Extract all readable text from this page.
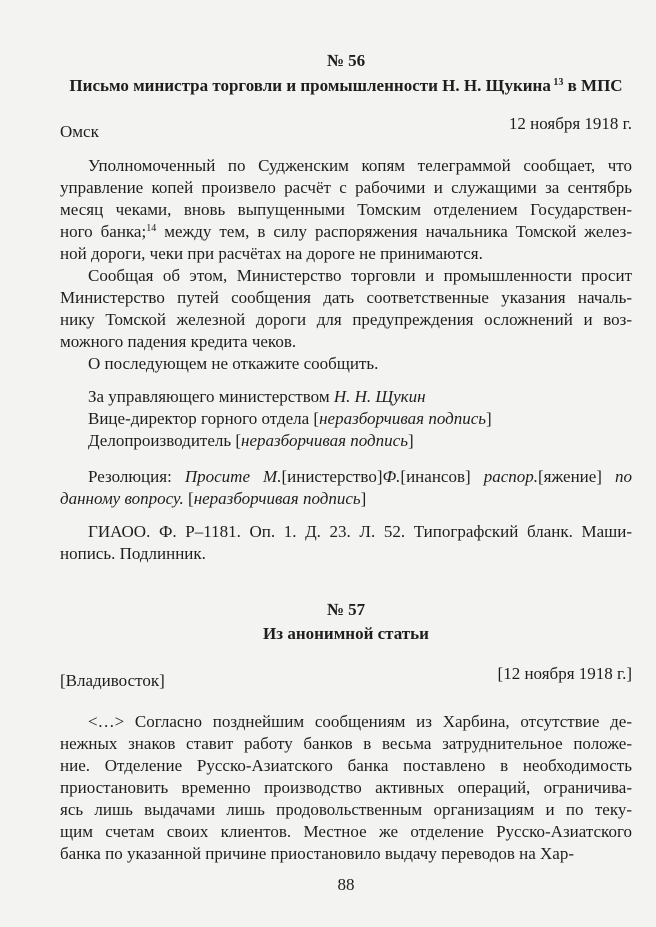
№ 56
Письмо министра торговли и промышленности Н. Н. Щукина $^{13}$ в МПС
Омск	12 ноября 1918 г.
Уполномоченный по Судженским копям телеграммой сообщает, что
управление копей произвело расчёт с рабочими и служащими за сентябрь
месяц чеками, вновь выпущенными Томским отделением Государствен-
ного банка;$^{14}$ между тем, в силу распоряжения начальника Томской желез-
ной дороги, чеки при расчётах на дороге не принимаются.
Сообщая об этом, Министерство торговли и промышленности просит
Министерство путей сообщения дать соответственные указания началь-
нику Томской железной дороги для предупреждения осложнений и воз-
можного падения кредита чеков.
О последующем не откажите сообщить.
За управляющего министерством Н. Н. Щукин
Вице-директор горного отдела [неразборчивая подпись]
Делопроизводитель [неразборчивая подпись]
Резолюция: Просите М.[инистерство]Ф.[инансов] распор.[яжение] по
данному вопросу. [неразборчивая подпись]
ГИАОО. Ф. Р–1181. Оп. 1. Д. 23. Л. 52. Типографский бланк. Маши-
нопись. Подлинник.
№ 57
Из анонимной статьи
[Владивосток]	[12 ноября 1918 г.]
<…> Согласно позднейшим сообщениям из Харбина, отсутствие де-
нежных знаков ставит работу банков в весьма затруднительное положе-
ние. Отделение Русско-Азиатского банка поставлено в необходимость
приостановить временно производство активных операций, ограничива-
ясь лишь выдачами лишь продовольственным организациям и по теку-
щим счетам своих клиентов. Местное же отделение Русско-Азиатского
банка по указанной причине приостановило выдачу переводов на Хар-
88
